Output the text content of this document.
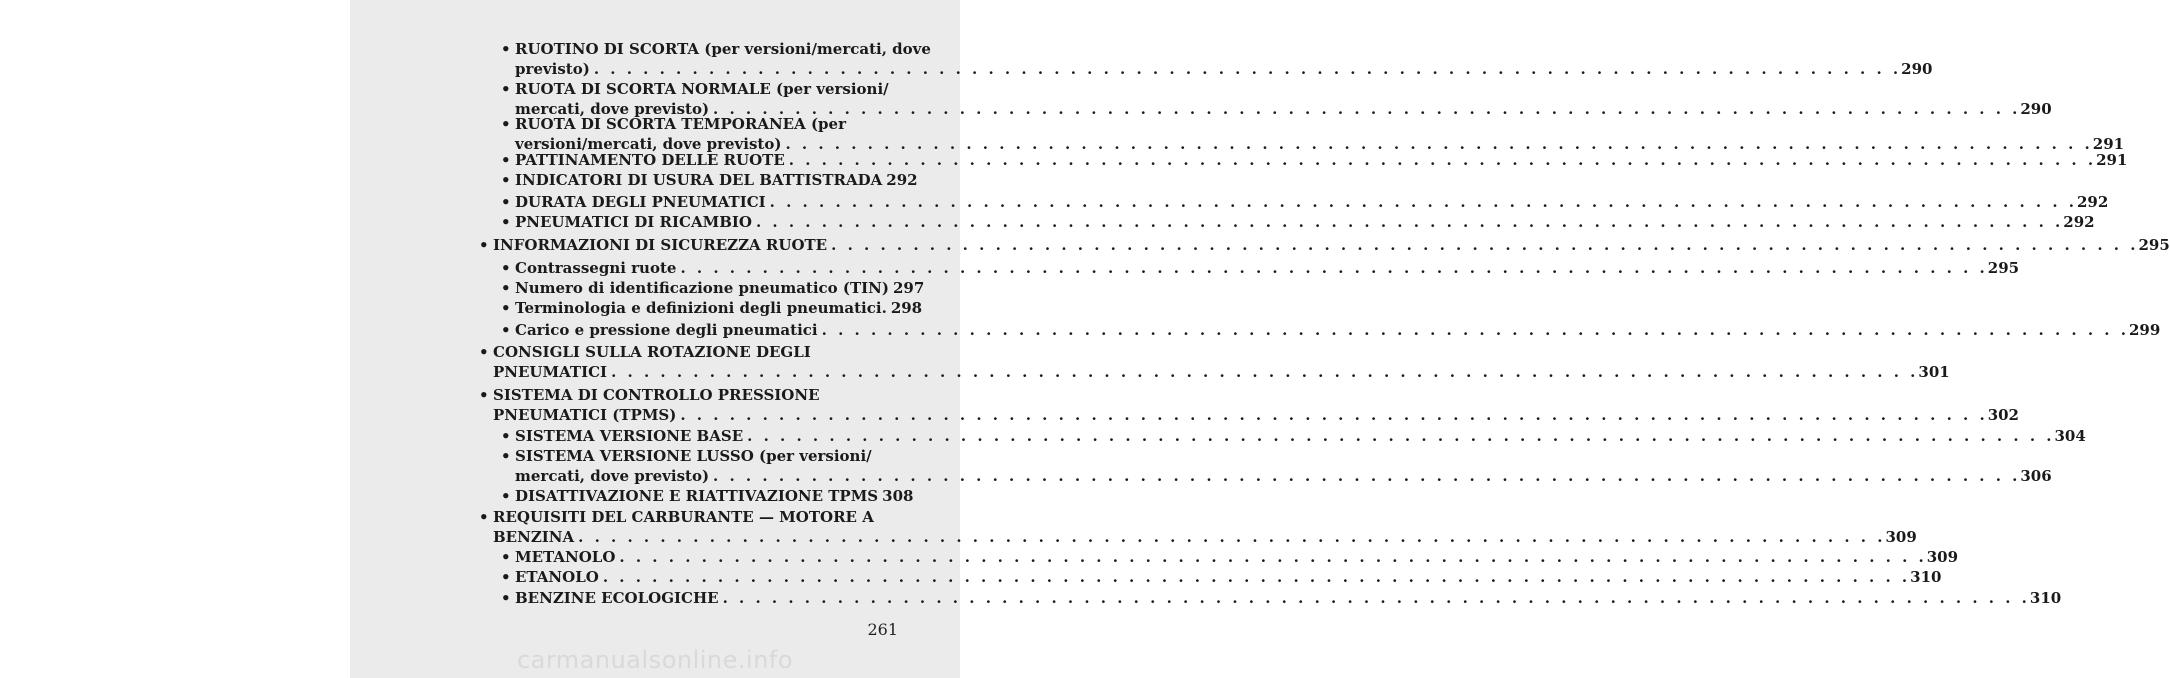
• RUOTINO DI SCORTA (per versioni/mercati, dove
previsto) . . . . . . . . . . . . . . . . . . . . . . . . . . . . . . . . . . . . . . . . . . . . . . . . . . . . . . . . . . . . . . . . . . . . . . . . . . . . . . . . 290
• RUOTA DI SCORTA NORMALE (per versioni/
mercati, dove previsto) . . . . . . . . . . . . . . . . . . . . . . . . . . . . . . . . . . . . . . . . . . . . . . . . . . . . . . . . . . . . . . . . . . . . . . . . . . . . . . . . 290
• RUOTA DI SCORTA TEMPORANEA (per
versioni/mercati, dove previsto) . . . . . . . . . . . . . . . . . . . . . . . . . . . . . . . . . . . . . . . . . . . . . . . . . . . . . . . . . . . . . . . . . . . . . . . . . . . . . . . . 291
• PATTINAMENTO DELLE RUOTE . . . . . . . . . . . . . . . . . . . . . . . . . . . . . . . . . . . . . . . . . . . . . . . . . . . . . . . . . . . . . . . . . . . . . . . . . . . . . . . . 291
• INDICATORI DI USURA DEL BATTISTRADA 292
• DURATA DEGLI PNEUMATICI . . . . . . . . . . . . . . . . . . . . . . . . . . . . . . . . . . . . . . . . . . . . . . . . . . . . . . . . . . . . . . . . . . . . . . . . . . . . . . . . 292
• PNEUMATICI DI RICAMBIO . . . . . . . . . . . . . . . . . . . . . . . . . . . . . . . . . . . . . . . . . . . . . . . . . . . . . . . . . . . . . . . . . . . . . . . . . . . . . . . . 292
• INFORMAZIONI DI SICUREZZA RUOTE . . . . . . . . . . . . . . . . . . . . . . . . . . . . . . . . . . . . . . . . . . . . . . . . . . . . . . . . . . . . . . . . . . . . . . . . . . . . . . . . 295
• Contrassegni ruote . . . . . . . . . . . . . . . . . . . . . . . . . . . . . . . . . . . . . . . . . . . . . . . . . . . . . . . . . . . . . . . . . . . . . . . . . . . . . . . . 295
• Numero di identificazione pneumatico (TIN) 297
• Terminologia e definizioni degli pneumatici. 298
• Carico e pressione degli pneumatici . . . . . . . . . . . . . . . . . . . . . . . . . . . . . . . . . . . . . . . . . . . . . . . . . . . . . . . . . . . . . . . . . . . . . . . . . . . . . . . . 299
• CONSIGLI SULLA ROTAZIONE DEGLI
PNEUMATICI . . . . . . . . . . . . . . . . . . . . . . . . . . . . . . . . . . . . . . . . . . . . . . . . . . . . . . . . . . . . . . . . . . . . . . . . . . . . . . . . 301
• SISTEMA DI CONTROLLO PRESSIONE
PNEUMATICI (TPMS) . . . . . . . . . . . . . . . . . . . . . . . . . . . . . . . . . . . . . . . . . . . . . . . . . . . . . . . . . . . . . . . . . . . . . . . . . . . . . . . . 302
• SISTEMA VERSIONE BASE . . . . . . . . . . . . . . . . . . . . . . . . . . . . . . . . . . . . . . . . . . . . . . . . . . . . . . . . . . . . . . . . . . . . . . . . . . . . . . . . 304
• SISTEMA VERSIONE LUSSO (per versioni/
mercati, dove previsto) . . . . . . . . . . . . . . . . . . . . . . . . . . . . . . . . . . . . . . . . . . . . . . . . . . . . . . . . . . . . . . . . . . . . . . . . . . . . . . . . 306
• DISATTIVAZIONE E RIATTIVAZIONE TPMS 308
• REQUISITI DEL CARBURANTE — MOTORE A
BENZINA . . . . . . . . . . . . . . . . . . . . . . . . . . . . . . . . . . . . . . . . . . . . . . . . . . . . . . . . . . . . . . . . . . . . . . . . . . . . . . . . 309
• METANOLO . . . . . . . . . . . . . . . . . . . . . . . . . . . . . . . . . . . . . . . . . . . . . . . . . . . . . . . . . . . . . . . . . . . . . . . . . . . . . . . . 309
• ETANOLO . . . . . . . . . . . . . . . . . . . . . . . . . . . . . . . . . . . . . . . . . . . . . . . . . . . . . . . . . . . . . . . . . . . . . . . . . . . . . . . . 310
• BENZINE ECOLOGICHE . . . . . . . . . . . . . . . . . . . . . . . . . . . . . . . . . . . . . . . . . . . . . . . . . . . . . . . . . . . . . . . . . . . . . . . . . . . . . . . . 310
261
carmanualsonline.info
